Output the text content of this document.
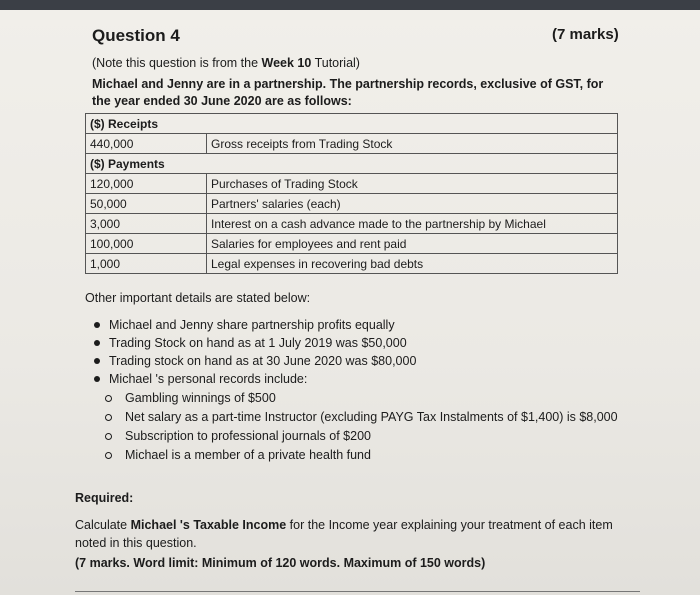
Question 4	(7 marks)
(Note this question is from the Week 10 Tutorial)
Michael and Jenny are in a partnership. The partnership records, exclusive of GST, for the year ended 30 June 2020 are as follows:
($) Receipts	
440,000	Gross receipts from Trading Stock
($) Payments	
120,000	Purchases of Trading Stock
50,000	Partners' salaries (each)
3,000	Interest on a cash advance made to the partnership by Michael
100,000	Salaries for employees and rent paid
1,000	Legal expenses in recovering bad debts
Other important details are stated below:
Michael and Jenny share partnership profits equally
Trading Stock on hand as at 1 July 2019 was $50,000
Trading stock on hand as at 30 June 2020 was $80,000
Michael 's personal records include:
Gambling winnings of $500
Net salary as a part-time Instructor (excluding PAYG Tax Instalments of $1,400) is $8,000
Subscription to professional journals of $200
Michael is a member of a private health fund
Required:
Calculate Michael 's Taxable Income for the Income year explaining your treatment of each item noted in this question.
(7 marks. Word limit: Minimum of 120 words. Maximum of 150 words)
